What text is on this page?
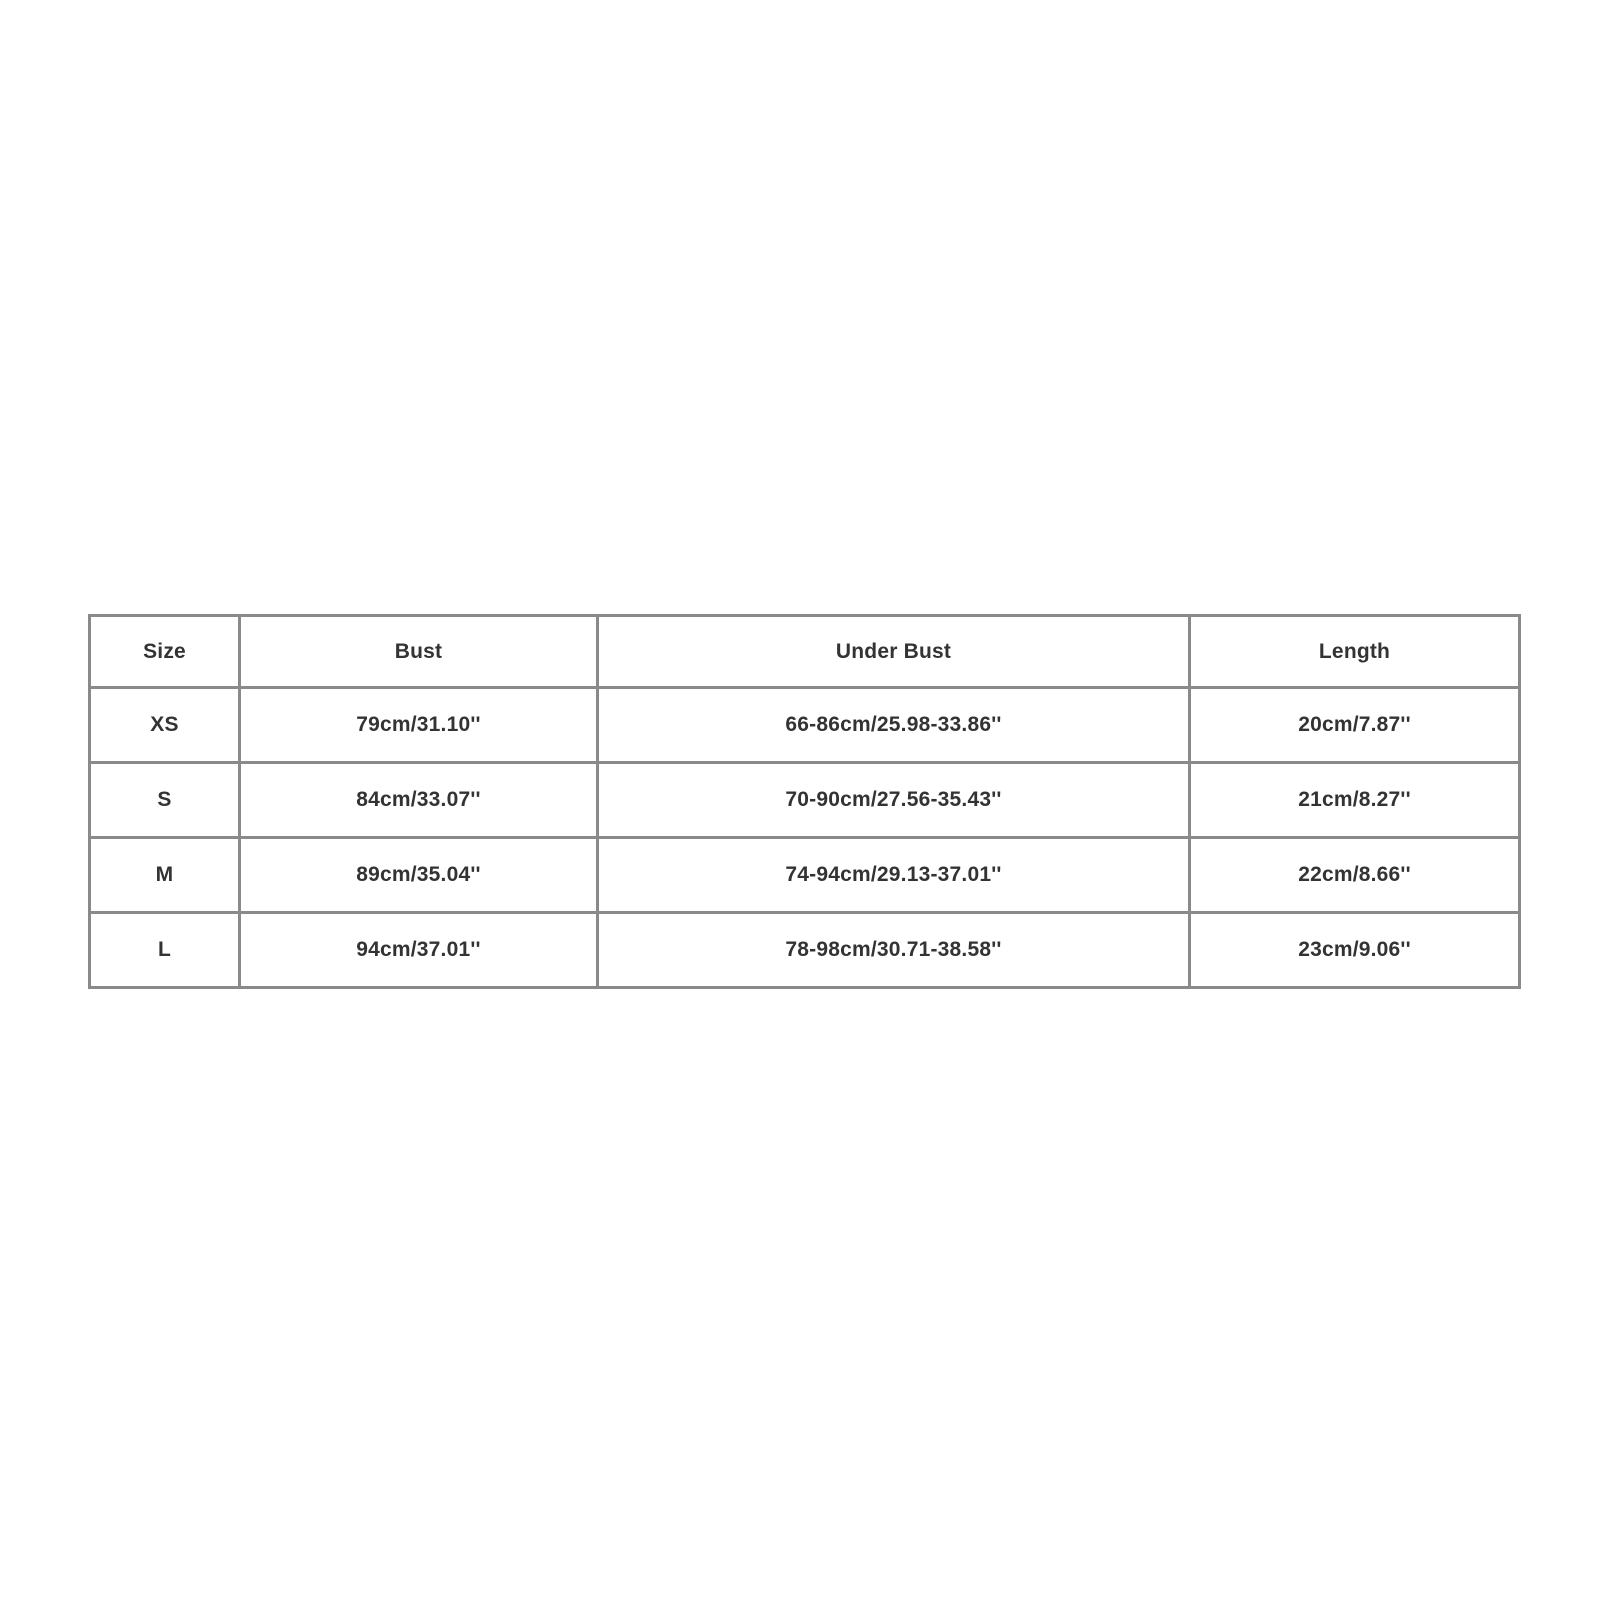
Size	Bust	Under Bust	Length
XS	79cm/31.10''	66-86cm/25.98-33.86''	20cm/7.87''
S	84cm/33.07''	70-90cm/27.56-35.43''	21cm/8.27''
M	89cm/35.04''	74-94cm/29.13-37.01''	22cm/8.66''
L	94cm/37.01''	78-98cm/30.71-38.58''	23cm/9.06''
